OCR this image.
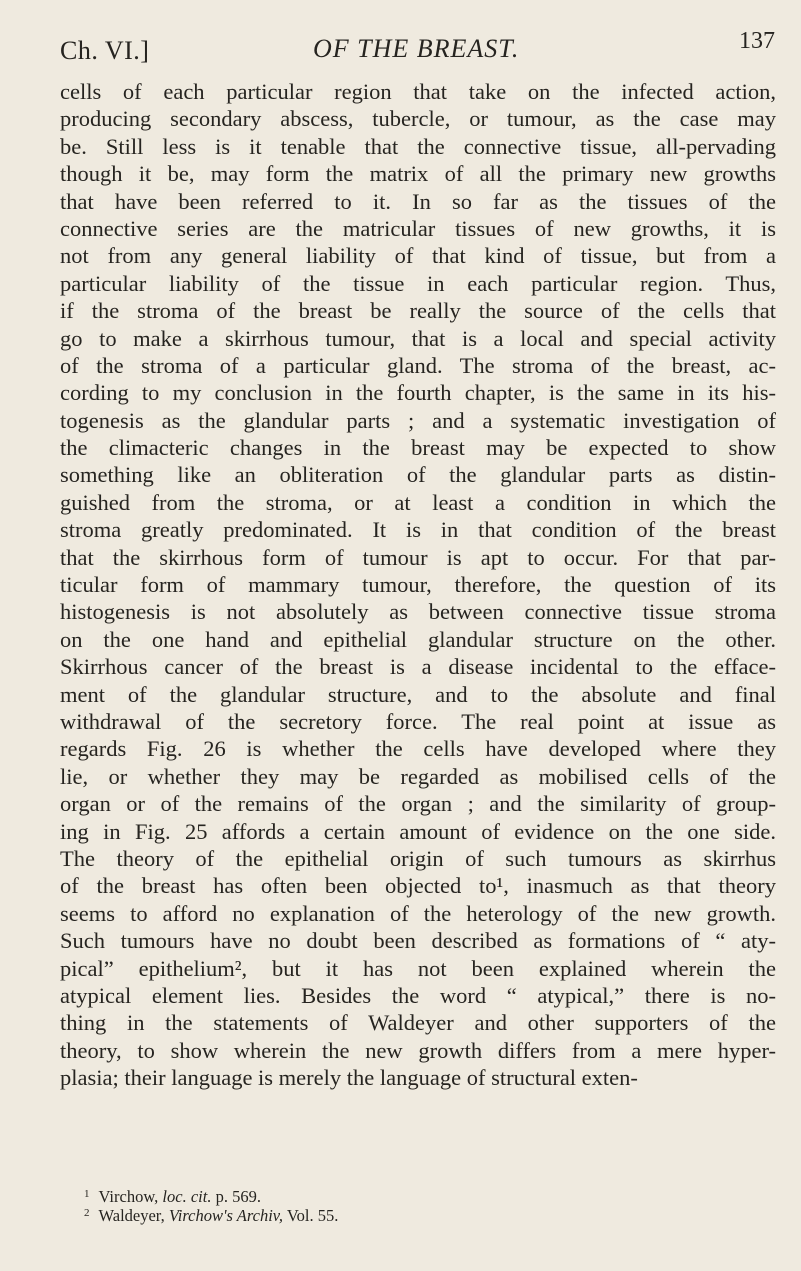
Ch. VI.]	OF THE BREAST.	137
cells of each particular region that take on the infected action,
producing secondary abscess, tubercle, or tumour, as the case may
be. Still less is it tenable that the connective tissue, all-pervading
though it be, may form the matrix of all the primary new growths
that have been referred to it. In so far as the tissues of the
connective series are the matricular tissues of new growths, it is
not from any general liability of that kind of tissue, but from a
particular liability of the tissue in each particular region. Thus,
if the stroma of the breast be really the source of the cells that
go to make a skirrhous tumour, that is a local and special activity
of the stroma of a particular gland. The stroma of the breast, ac-
cording to my conclusion in the fourth chapter, is the same in its his-
togenesis as the glandular parts ; and a systematic investigation of
the climacteric changes in the breast may be expected to show
something like an obliteration of the glandular parts as distin-
guished from the stroma, or at least a condition in which the
stroma greatly predominated. It is in that condition of the breast
that the skirrhous form of tumour is apt to occur. For that par-
ticular form of mammary tumour, therefore, the question of its
histogenesis is not absolutely as between connective tissue stroma
on the one hand and epithelial glandular structure on the other.
Skirrhous cancer of the breast is a disease incidental to the efface-
ment of the glandular structure, and to the absolute and final
withdrawal of the secretory force. The real point at issue as
regards Fig. 26 is whether the cells have developed where they
lie, or whether they may be regarded as mobilised cells of the
organ or of the remains of the organ ; and the similarity of group-
ing in Fig. 25 affords a certain amount of evidence on the one side.
The theory of the epithelial origin of such tumours as skirrhus
of the breast has often been objected to¹, inasmuch as that theory
seems to afford no explanation of the heterology of the new growth.
Such tumours have no doubt been described as formations of “ aty-
pical” epithelium², but it has not been explained wherein the
atypical element lies. Besides the word “ atypical,” there is no-
thing in the statements of Waldeyer and other supporters of the
theory, to show wherein the new growth differs from a mere hyper-
plasia; their language is merely the language of structural exten-
$^1$ Virchow, loc. cit. p. 569.
$^2$ Waldeyer, Virchow's Archiv, Vol. 55.
